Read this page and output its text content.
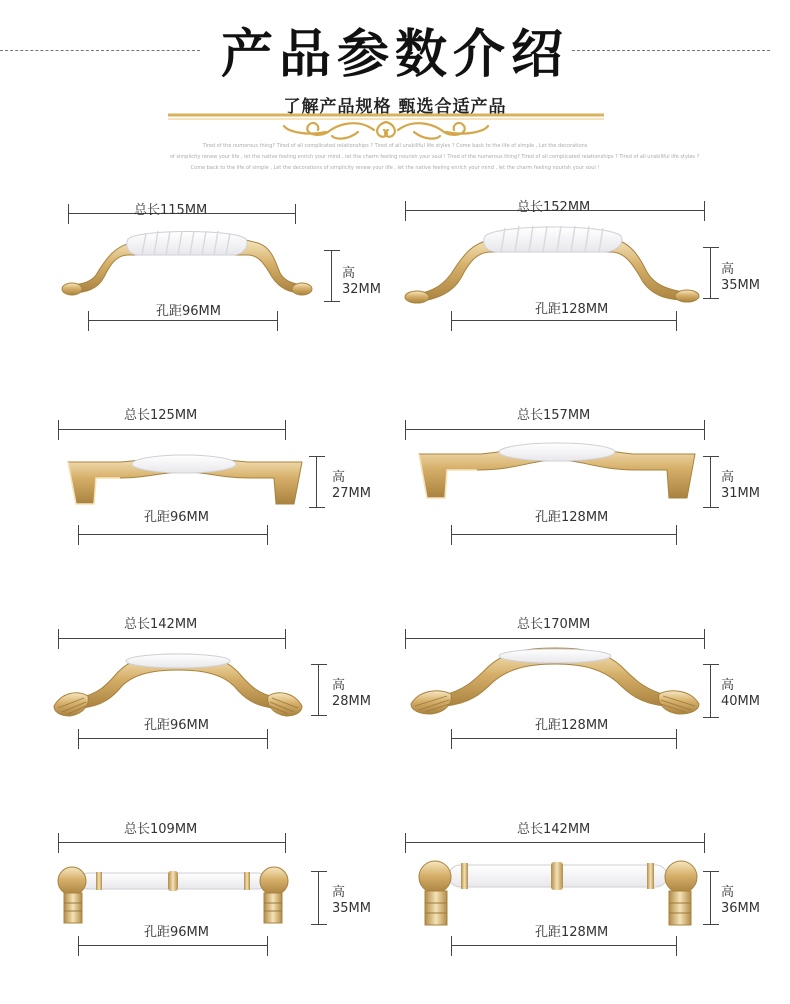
产品参数介绍
了解产品规格 甄选合适产品
Tired of the numerous thing? Tired of all complicated relationships ? Tired of all unskillful life styles ? Come back to the life of simple , Let the decorations
of simplicity renew your life , let the native feeling enrich your mind , let the charm feeling nourish your soul ! Tired of the numerous thing? Tired of all complicated relationships ? Tired of all unskillful life styles ?
Come back to the life of simple , Let the decorations of simplicity renew your life , let the native feeling enrich your mind , let the charm feeling nourish your soul !
总长115MM
高
32MM
孔距96MM
总长152MM
高
35MM
孔距128MM
总长125MM
高
27MM
孔距96MM
总长157MM
高
31MM
孔距128MM
总长142MM
高
28MM
孔距96MM
总长170MM
高
40MM
孔距128MM
总长109MM
高
35MM
孔距96MM
总长142MM
高
36MM
孔距128MM
